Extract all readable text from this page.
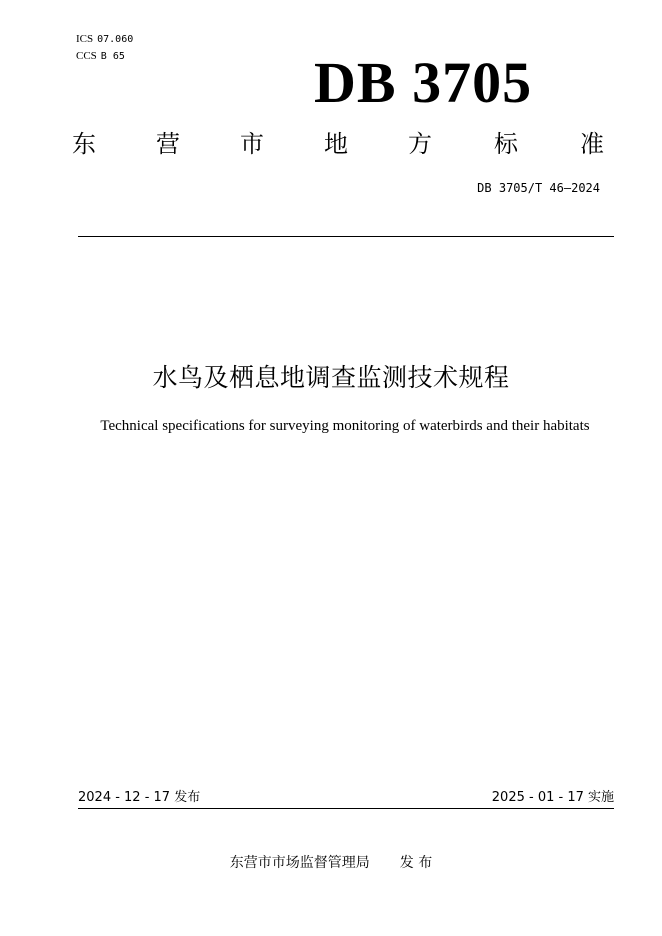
ICS 07.060
CCS B 65	DB 3705
东	营	市	地	方	标	准
DB 3705/T 46—2024
水鸟及栖息地调查监测技术规程
Technical specifications for surveying monitoring of waterbirds and their habitats
2024 - 12 - 17 发布	2025 - 01 - 17 实施
东营市市场监督管理局 发 布
